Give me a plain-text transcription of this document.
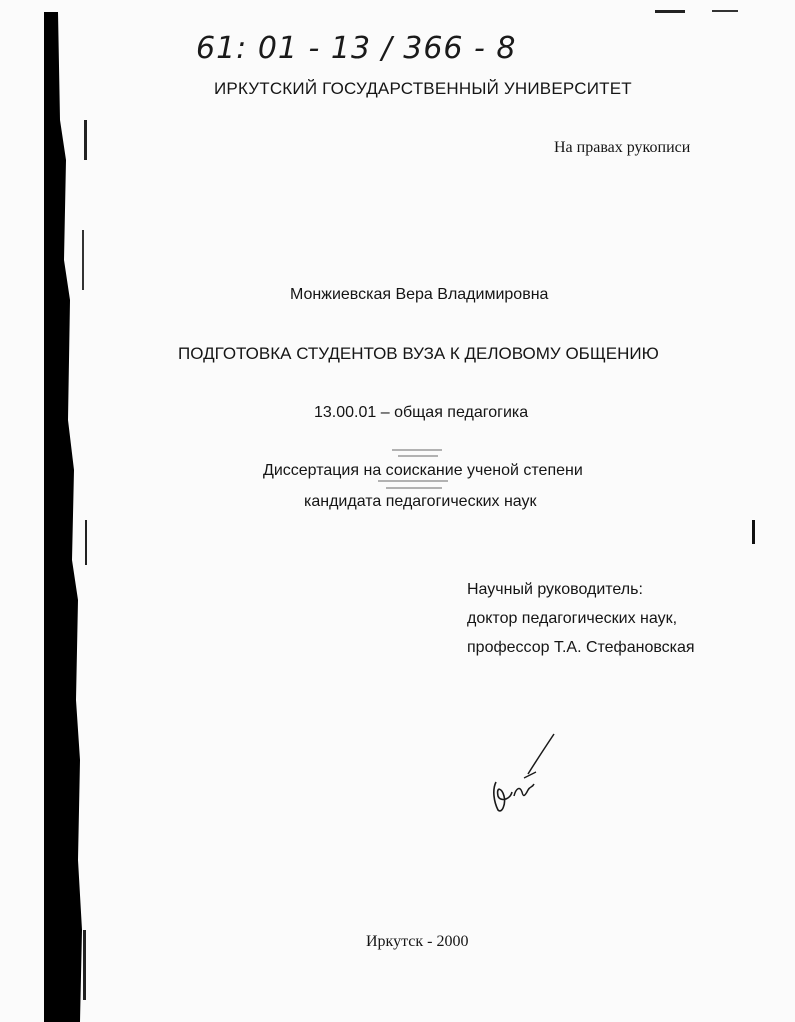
61: 01 - 13 / 366 - 8
ИРКУТСКИЙ ГОСУДАРСТВЕННЫЙ УНИВЕРСИТЕТ
На правах рукописи
Монжиевская Вера Владимировна
ПОДГОТОВКА СТУДЕНТОВ ВУЗА К ДЕЛОВОМУ ОБЩЕНИЮ
13.00.01 – общая педагогика
Диссертация на соискание ученой степени
кандидата педагогических наук
Научный руководитель:
доктор педагогических наук,
профессор Т.А. Стефановская
Иркутск - 2000
